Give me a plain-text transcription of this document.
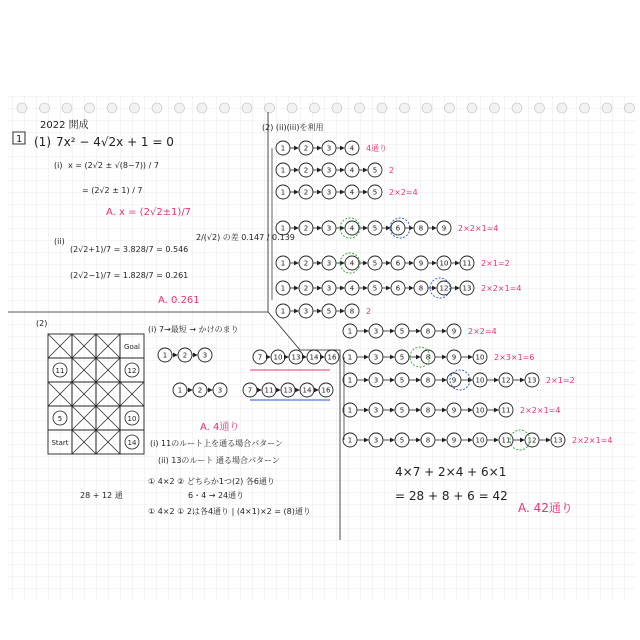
2022 開成
1 (1) 7x² − 4√2x + 1 = 0
(i) x = (2√2 ± √(8−7)) / 7
= (2√2 ± 1) / 7
A. x = (2√2±1)/7
(ii)
(2√2+1)/7 = 3.828/7 = 0.546
(2√2−1)/7 = 1.828/7 = 0.261
2/(√2) の差 0.147 / 0.139
A. 0.261
(2)
Goal
11	12
5	10
Start	14
(i) 7→最短 → かけのまり
A. 4通り
(i) 11のルート上を通る場合パターン
(ii) 13のルート 通る場合パターン
① 4×2 ② どちらか1つ(2) 各6通り
6・4 → 24通り
① 4×2 ① 2は各4通り | (4×1)×2 = (8)通り
28 + 12 通
1 2 3	7 10 13 14 16
1 2 3	7 11 13 14 16
(2) (ii)(iii)を利用
1	2	3	4 4通り
1	2	3	4	5 2
1	2	3	4	5 2×2=4
1	2	3	4	5	6	8	9 2×2×1=4
1	2	3	4	5	6	9 10 11 2×1=2
1	2	3	4	5	6	8 12 13 2×2×1=4
1	3	5	8 2
1	3	5	8	9 2×2=4
1	3	5	8	9	10 2×3×1=6
1	3	5	8	9	10 12 13 2×1=2
1	3	5	8	9	10 11 2×2×1=4
1	3	5	8	9	10 11 12 13 2×2×1=4
4×7 + 2×4 + 6×1
= 28 + 8 + 6 = 42
A. 42通り
